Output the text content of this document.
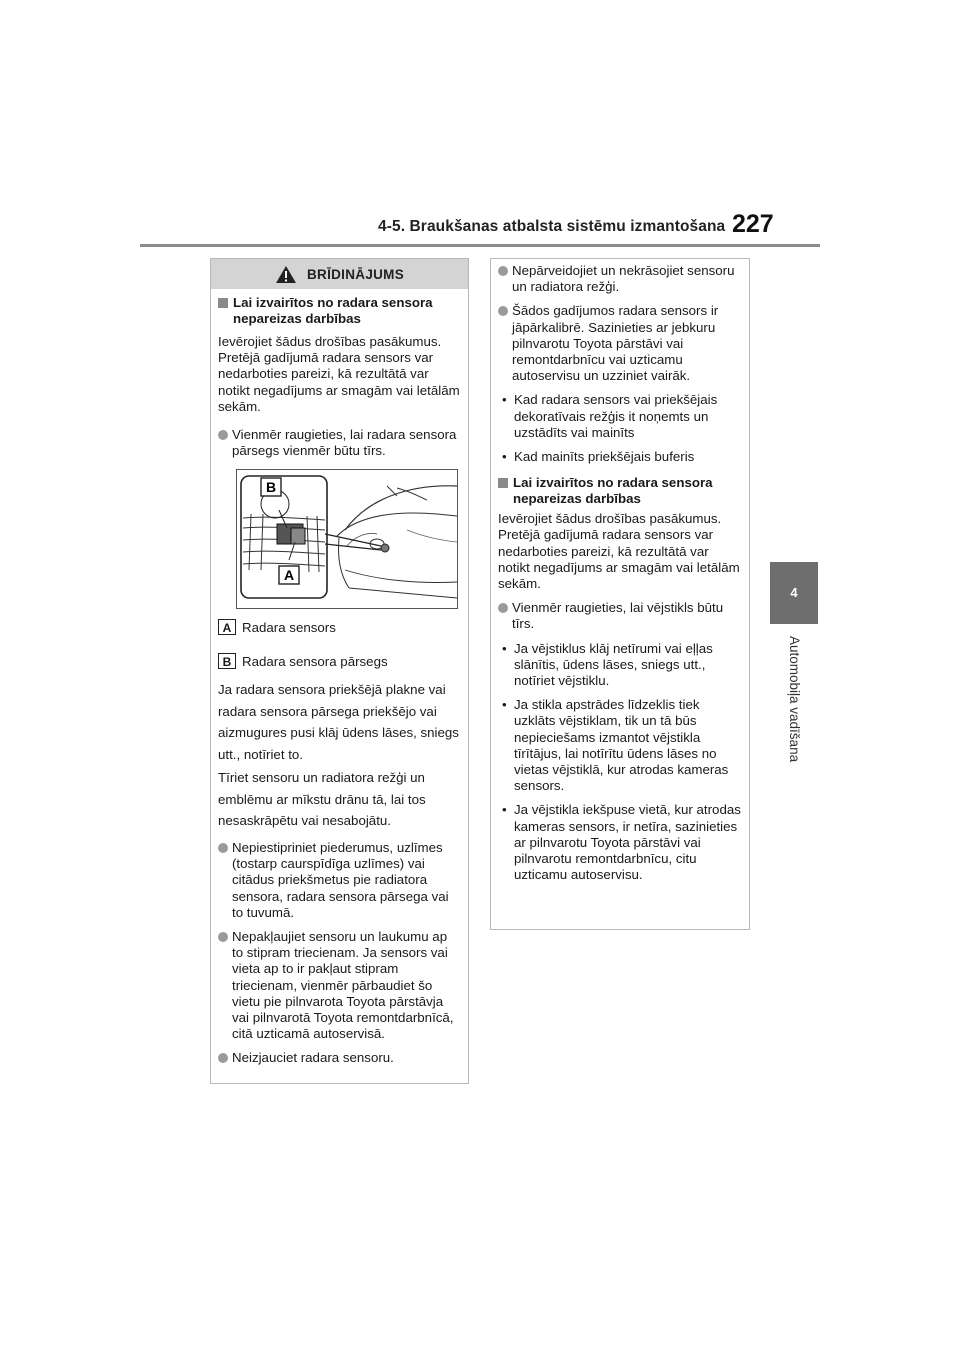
4-5. Braukšanas atbalsta sistēmu izmantošana 227
4
Automobiļa vadīšana
BRĪDINĀJUMS
Lai izvairītos no radara sensora nepareizas darbības

Ievērojiet šādus drošības pasākumus. Pretējā gadījumā radara sensors var nedarboties pareizi, kā rezultātā var notikt negadījums ar smagām vai letālām sekām.

Vienmēr raugieties, lai radara sensora pārsegs vienmēr būtu tīrs.

A
B
A Radara sensors
B Radara sensora pārsegs

Ja radara sensora priekšējā plakne vai radara sensora pārsega priekšējo vai aizmugures pusi klāj ūdens lāses, sniegs utt., notīriet to.

Tīriet sensoru un radiatora režģi un emblēmu ar mīkstu drānu tā, lai tos nesaskrāpētu vai nesabojātu.

Nepiestipriniet piederumus, uzlīmes (tostarp caurspīdīga uzlīmes) vai citādus priekšmetus pie radiatora sensora, radara sensora pārsega vai to tuvumā.

Nepakļaujiet sensoru un laukumu ap to stipram triecienam. Ja sensors vai vieta ap to ir pakļaut stipram triecienam, vienmēr pārbaudiet šo vietu pie pilnvarota Toyota pārstāvja vai pilnvarotā Toyota remontdarbnīcā, citā uzticamā autoservisā.

Neizjauciet radara sensoru.

Nepārveidojiet un nekrāsojiet sensoru un radiatora režģi.

Šādos gadījumos radara sensors ir jāpārkalibrē. Sazinieties ar jebkuru pilnvarotu Toyota pārstāvi vai remontdarbnīcu vai uzticamu autoservisu un uzziniet vairāk.

• Kad radara sensors vai priekšējais dekoratīvais režģis it noņemts un uzstādīts vai mainīts

• Kad mainīts priekšējais buferis

Lai izvairītos no radara sensora nepareizas darbības

Ievērojiet šādus drošības pasākumus. Pretējā gadījumā radara sensors var nedarboties pareizi, kā rezultātā var notikt negadījums ar smagām vai letālām sekām.

Vienmēr raugieties, lai vējstikls būtu tīrs.

• Ja vējstiklus klāj netīrumi vai eļļas slānītis, ūdens lāses, sniegs utt., notīriet vējstiklu.

• Ja stikla apstrādes līdzeklis tiek uzklāts vējstiklam, tik un tā būs nepieciešams izmantot vējstikla tīrītājus, lai notīrītu ūdens lāses no vietas vējstiklā, kur atrodas kameras sensors.

• Ja vējstikla iekšpuse vietā, kur atrodas kameras sensors, ir netīra, sazinieties ar pilnvarotu Toyota pārstāvi vai pilnvarotu remontdarbnīcu, citu uzticamu autoservisu.
